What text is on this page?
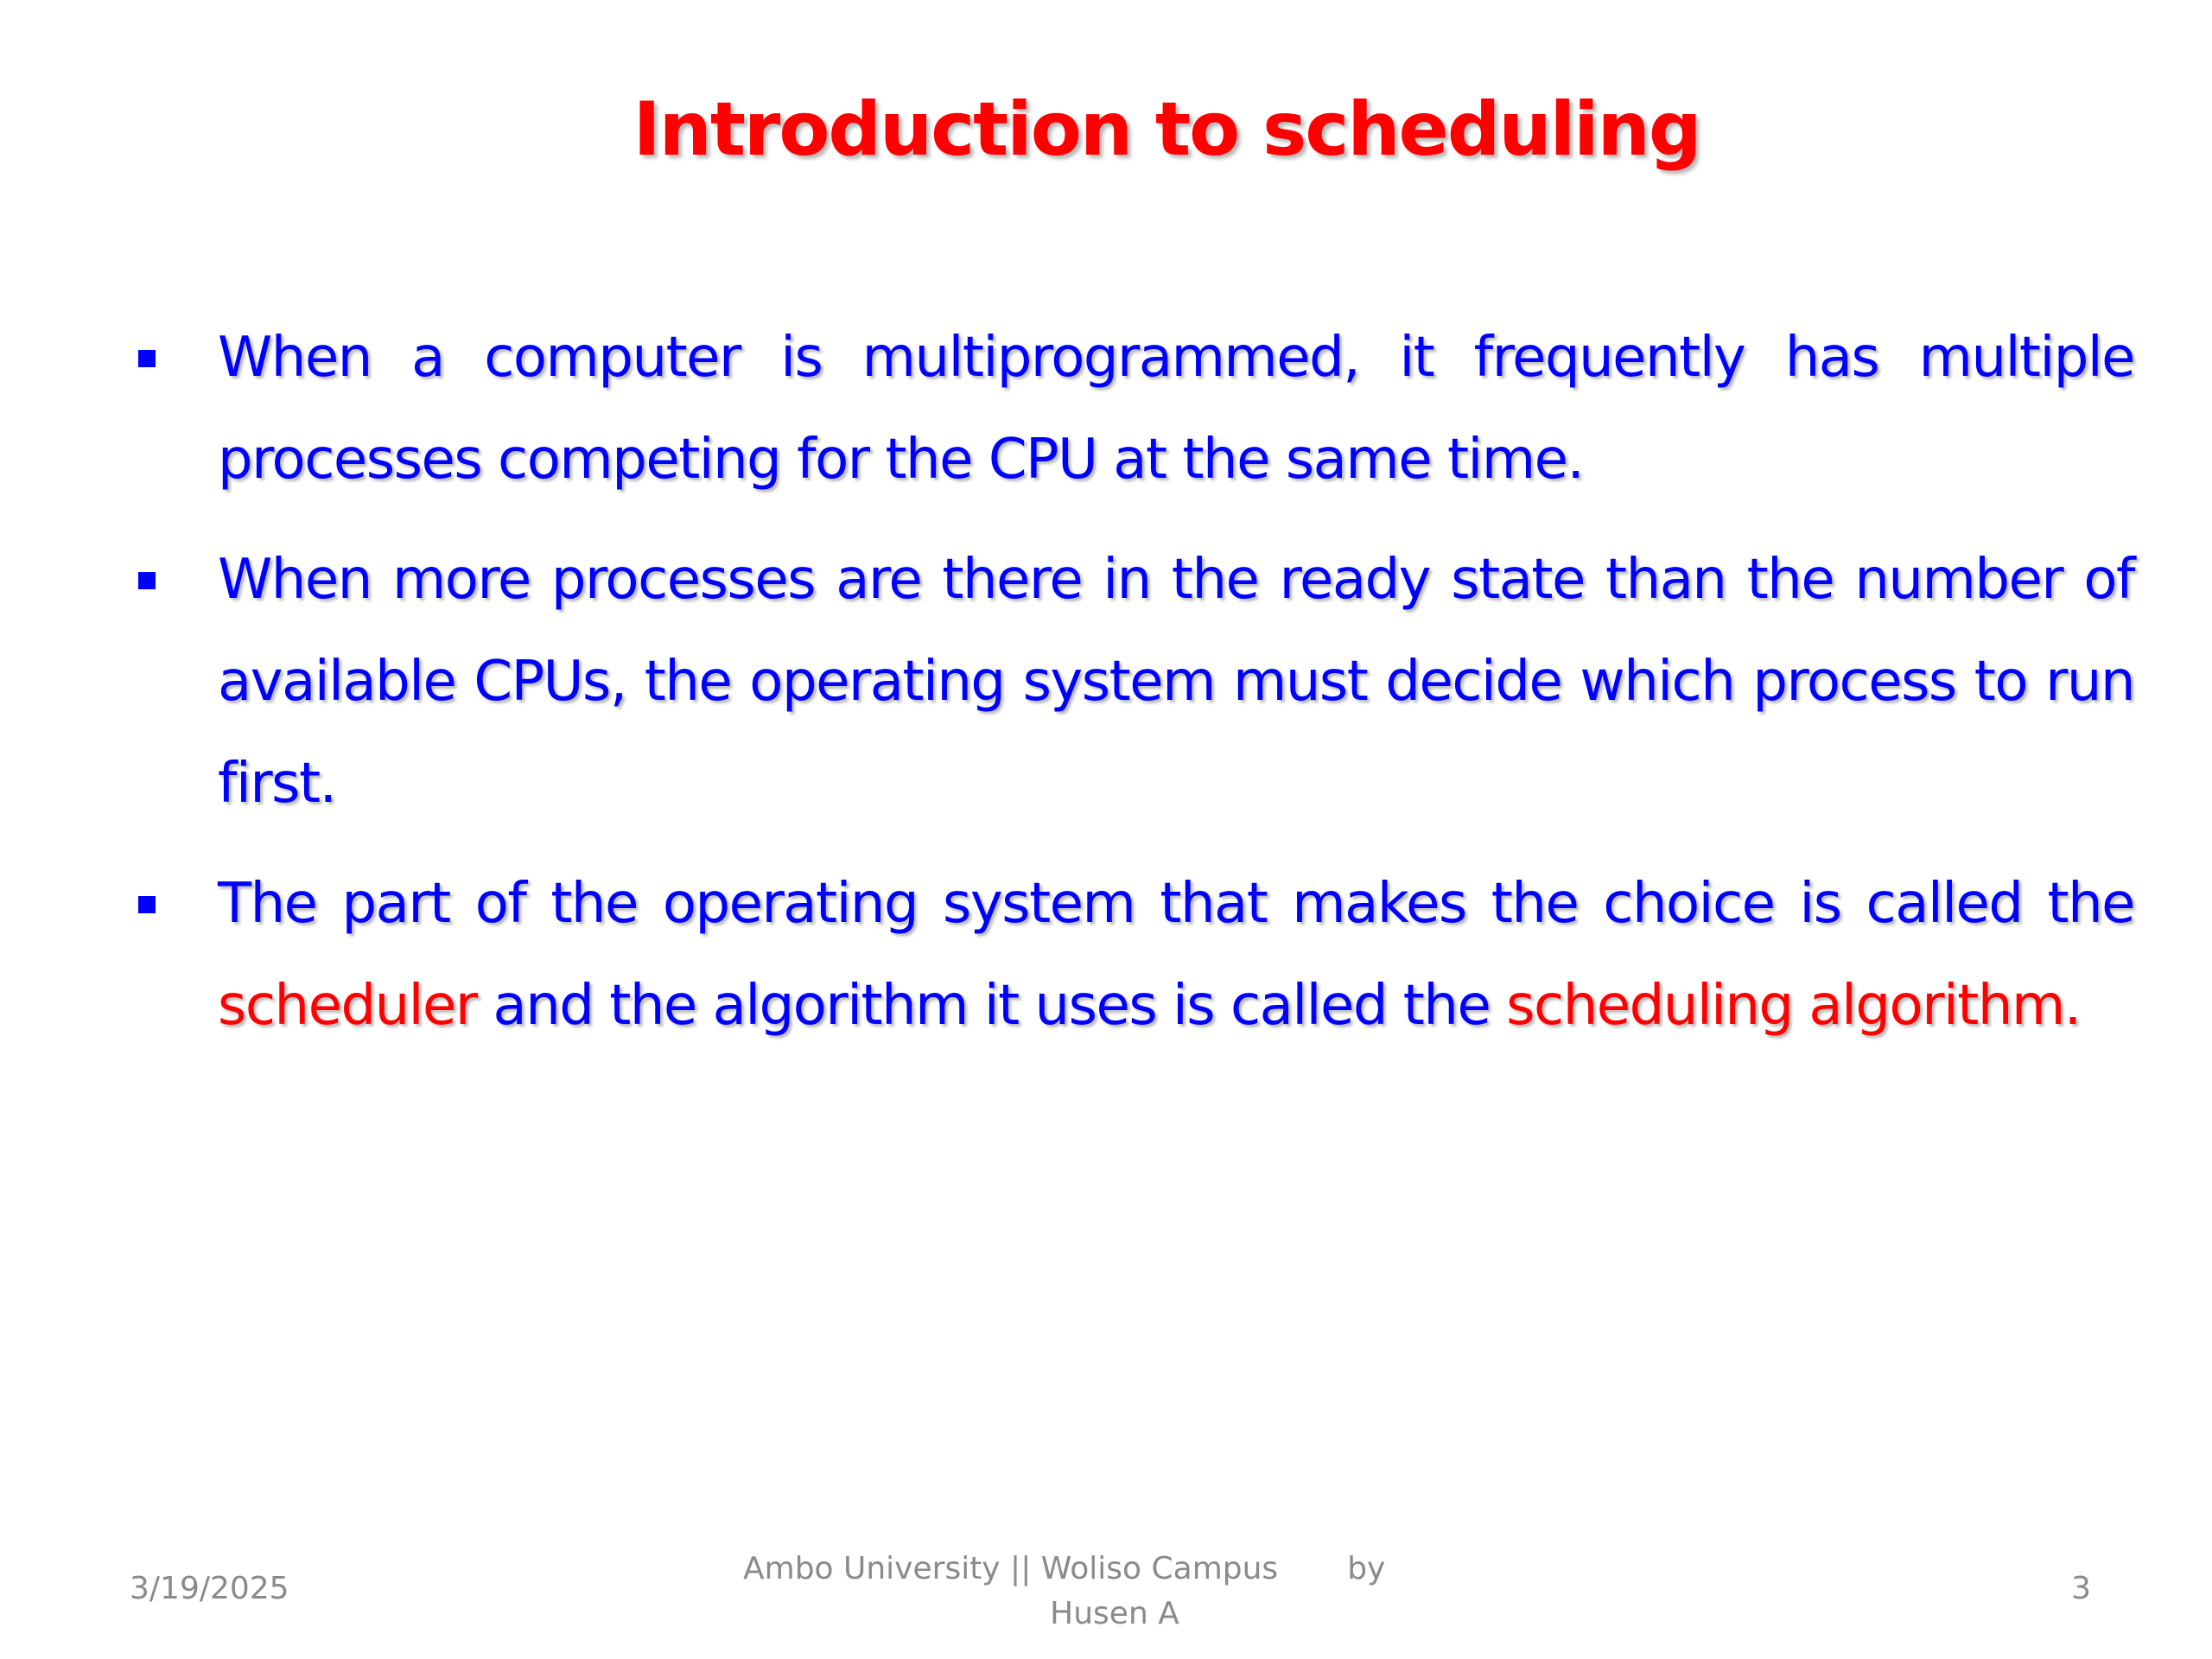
Introduction to scheduling
When a computer is multiprogrammed, it frequently has multiple processes competing for the CPU at the same time.
When more processes are there in the ready state than the number of available CPUs, the operating system must decide which process to run first.
The part of the operating system that makes the choice is called the scheduler and the algorithm it uses is called the scheduling algorithm.
3/19/2025
Ambo University || Woliso Campus by
Husen A
3
